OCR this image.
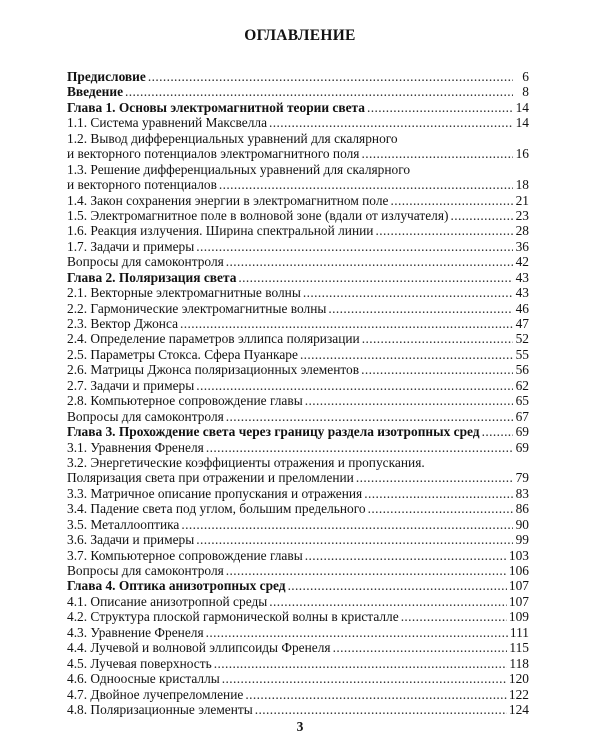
ОГЛАВЛЕНИЕ
Предисловие .....	6
Введение .....	8
Глава 1. Основы электромагнитной теории света .....	14
1.1. Система уравнений Максвелла .....	14
1.2. Вывод дифференциальных уравнений для скалярного
и векторного потенциалов электромагнитного поля .....	16
1.3. Решение дифференциальных уравнений для скалярного
и векторного потенциалов .....	18
1.4. Закон сохранения энергии в электромагнитном поле .....	21
1.5. Электромагнитное поле в волновой зоне (вдали от излучателя) .....	23
1.6. Реакция излучения. Ширина спектральной линии .....	28
1.7. Задачи и примеры .....	36
Вопросы для самоконтроля .....	42
Глава 2. Поляризация света .....	43
2.1. Векторные электромагнитные волны .....	43
2.2. Гармонические электромагнитные волны .....	46
2.3. Вектор Джонса .....	47
2.4. Определение параметров эллипса поляризации .....	52
2.5. Параметры Стокса. Сфера Пуанкаре .....	55
2.6. Матрицы Джонса поляризационных элементов .....	56
2.7. Задачи и примеры .....	62
2.8. Компьютерное сопровождение главы .....	65
Вопросы для самоконтроля .....	67
Глава 3. Прохождение света через границу раздела изотропных сред .....	69
3.1. Уравнения Френеля .....	69
3.2. Энергетические коэффициенты отражения и пропускания.
Поляризация света при отражении и преломлении .....	79
3.3. Матричное описание пропускания и отражения .....	83
3.4. Падение света под углом, большим предельного .....	86
3.5. Металлооптика .....	90
3.6. Задачи и примеры .....	99
3.7. Компьютерное сопровождение главы .....	103
Вопросы для самоконтроля .....	106
Глава 4. Оптика анизотропных сред .....	107
4.1. Описание анизотропной среды .....	107
4.2. Структура плоской гармонической волны в кристалле .....	109
4.3. Уравнение Френеля .....	111
4.4. Лучевой и волновой эллипсоиды Френеля .....	115
4.5. Лучевая поверхность .....	118
4.6. Одноосные кристаллы .....	120
4.7. Двойное лучепреломление .....	122
4.8. Поляризационные элементы .....	124
3
